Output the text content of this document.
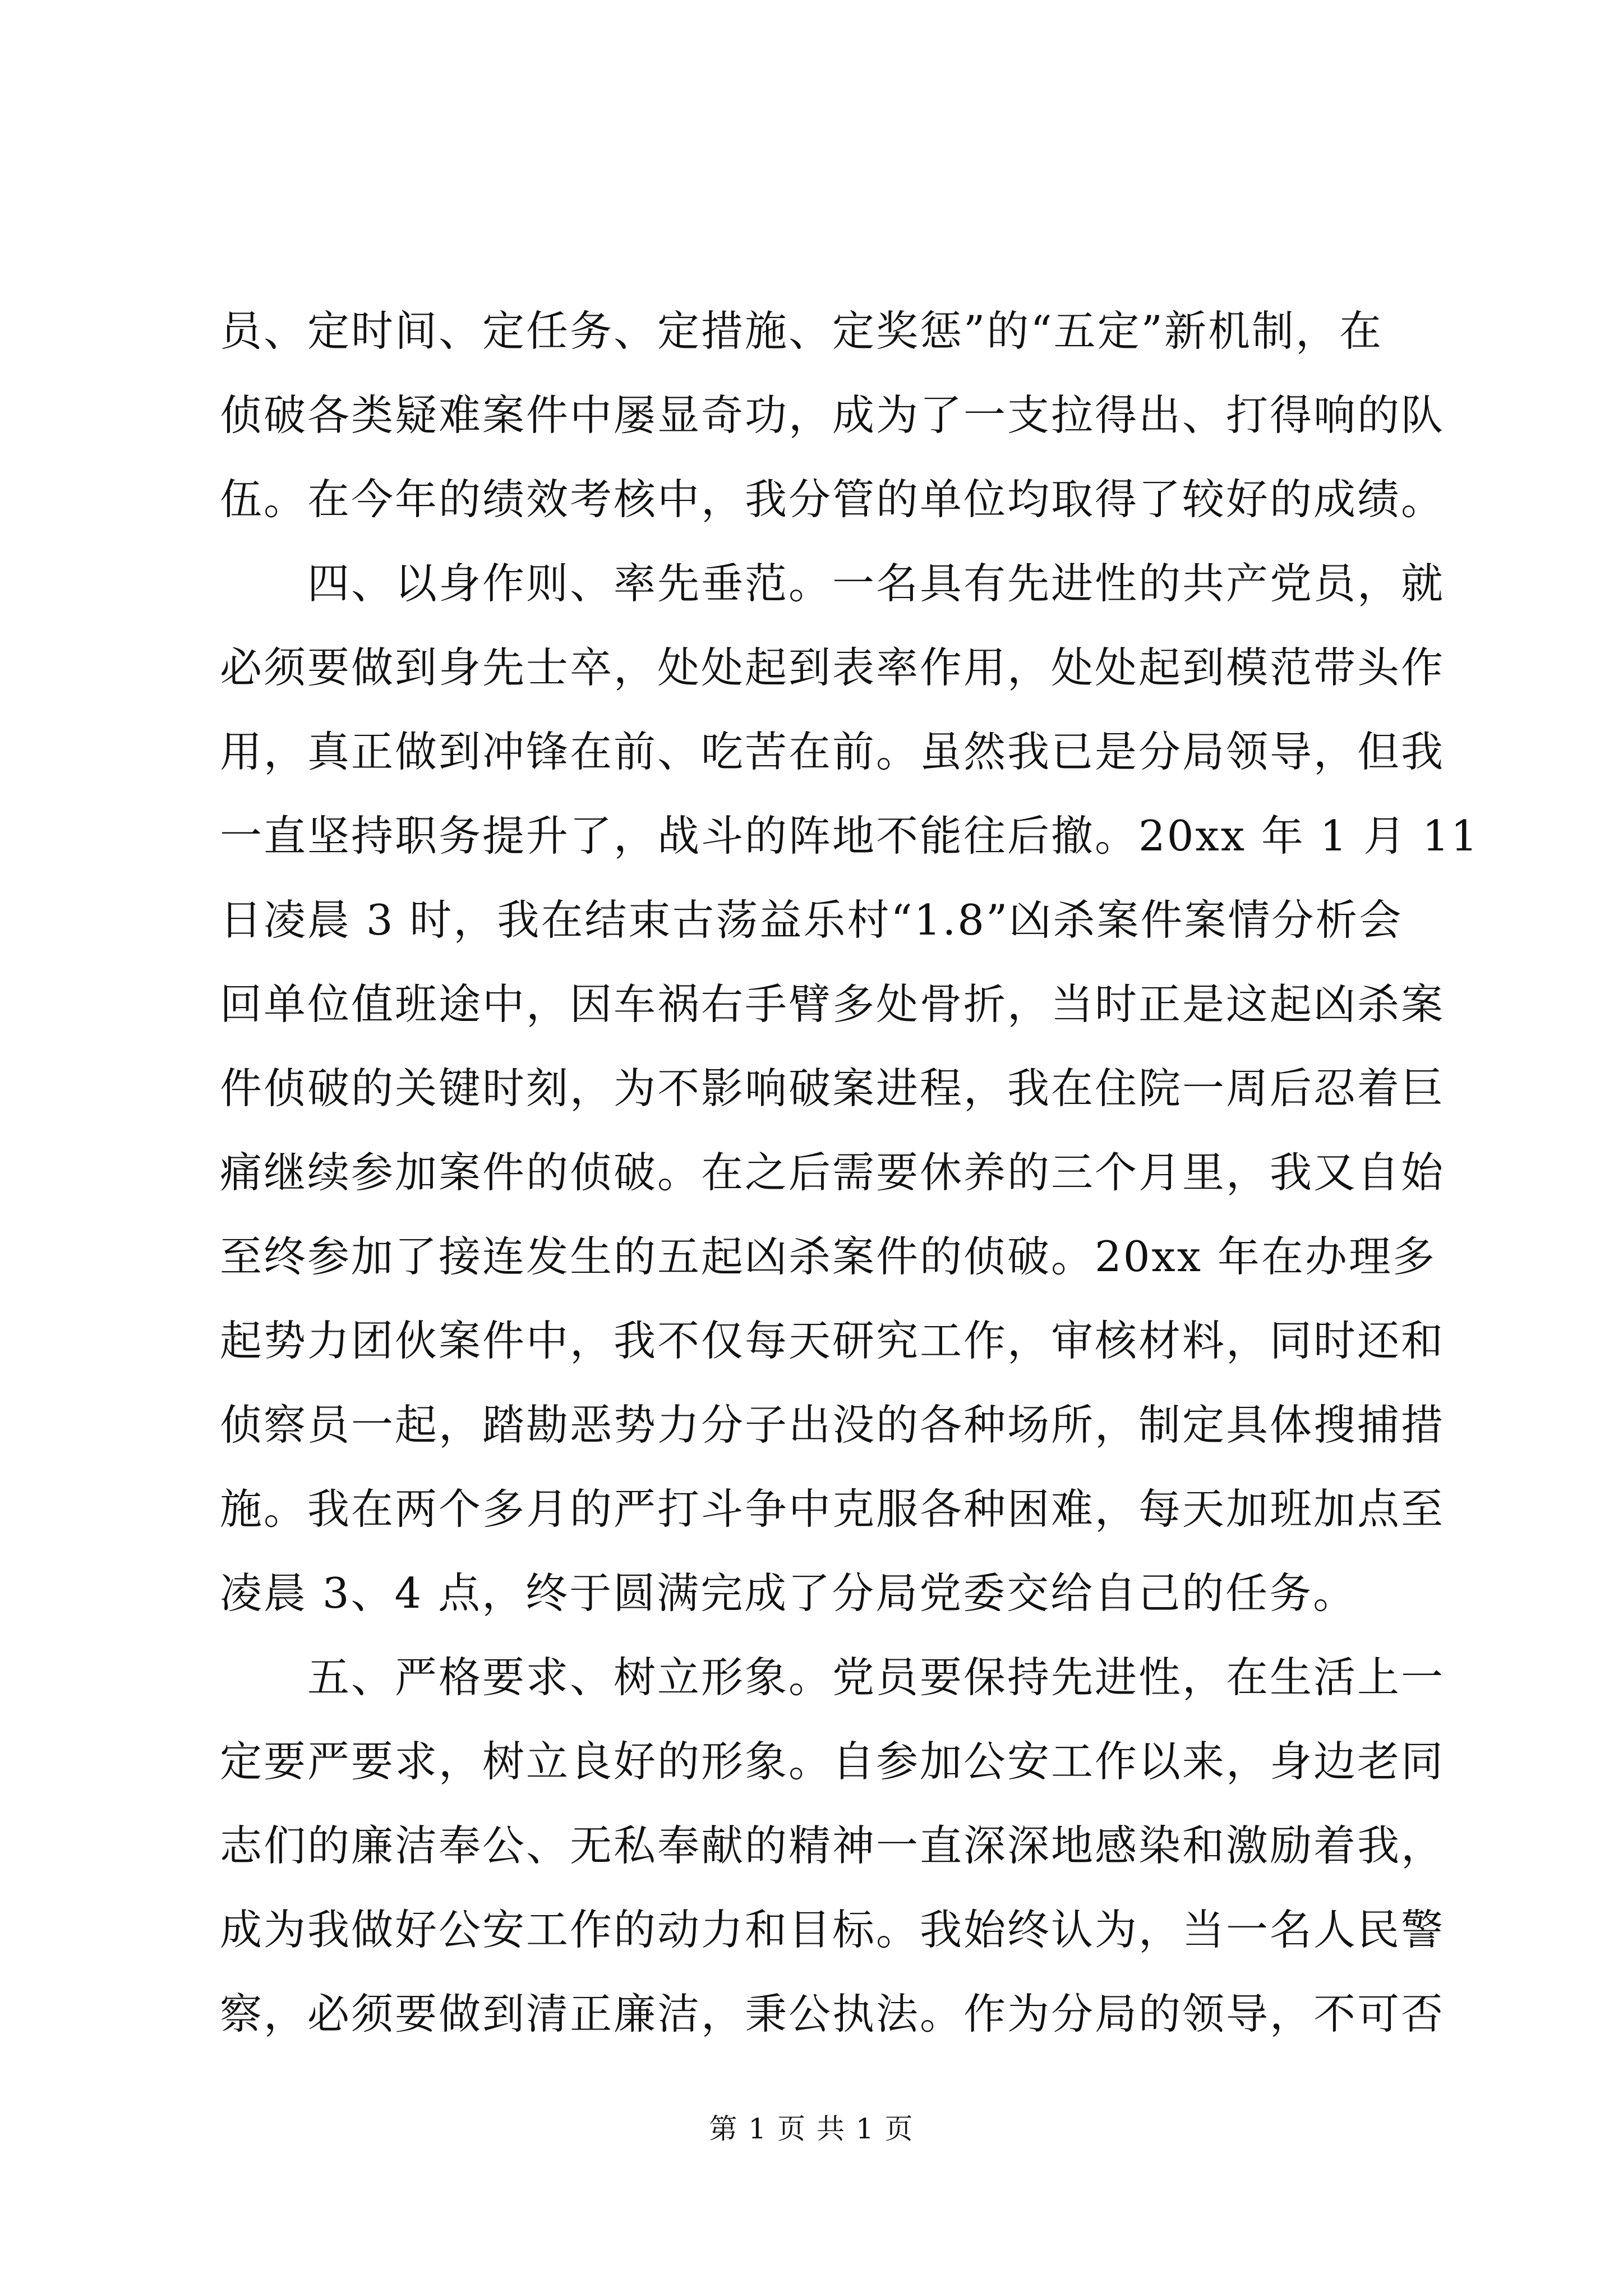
员、定时间、定任务、定措施、定奖惩”的“五定”新机制，在
侦破各类疑难案件中屡显奇功，成为了一支拉得出、打得响的队
伍。在今年的绩效考核中，我分管的单位均取得了较好的成绩。
　　四、以身作则、率先垂范。一名具有先进性的共产党员，就
必须要做到身先士卒，处处起到表率作用，处处起到模范带头作
用，真正做到冲锋在前、吃苦在前。虽然我已是分局领导，但我
一直坚持职务提升了，战斗的阵地不能往后撤。20xx 年 1 月 11
日凌晨 3 时，我在结束古荡益乐村“1.8”凶杀案件案情分析会
回单位值班途中，因车祸右手臂多处骨折，当时正是这起凶杀案
件侦破的关键时刻，为不影响破案进程，我在住院一周后忍着巨
痛继续参加案件的侦破。在之后需要休养的三个月里，我又自始
至终参加了接连发生的五起凶杀案件的侦破。20xx 年在办理多
起势力团伙案件中，我不仅每天研究工作，审核材料，同时还和
侦察员一起，踏勘恶势力分子出没的各种场所，制定具体搜捕措
施。我在两个多月的严打斗争中克服各种困难，每天加班加点至
凌晨 3、4 点，终于圆满完成了分局党委交给自己的任务。
　　五、严格要求、树立形象。党员要保持先进性，在生活上一
定要严要求，树立良好的形象。自参加公安工作以来，身边老同
志们的廉洁奉公、无私奉献的精神一直深深地感染和激励着我，
成为我做好公安工作的动力和目标。我始终认为，当一名人民警
察，必须要做到清正廉洁，秉公执法。作为分局的领导，不可否
第 1 页 共 1 页
